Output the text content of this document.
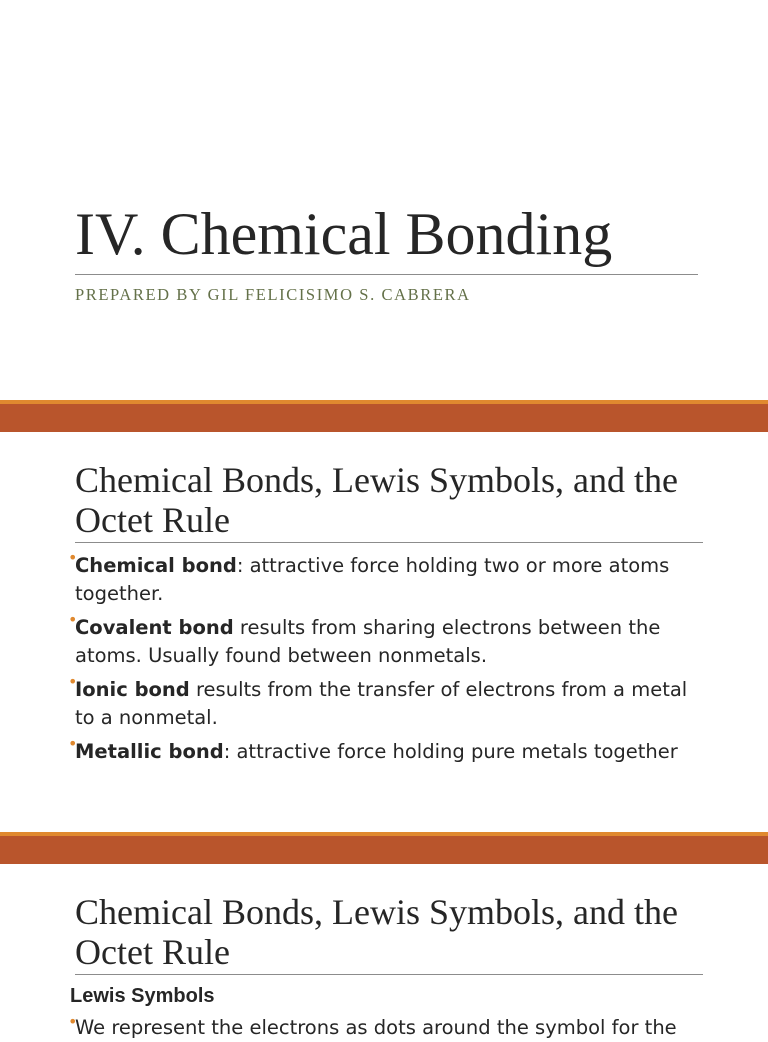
IV. Chemical Bonding

PREPARED BY GIL FELICISIMO S. CABRERA

Chemical Bonds, Lewis Symbols, and the Octet Rule
•
Chemical bond: attractive force holding two or more atoms together.
•
Covalent bond results from sharing electrons between the atoms. Usually found between nonmetals.
•
Ionic bond results from the transfer of electrons from a metal to a nonmetal.
•
Metallic bond: attractive force holding pure metals together
Chemical Bonds, Lewis Symbols, and the Octet Rule

Lewis Symbols

•
We represent the electrons as dots around the symbol for the
